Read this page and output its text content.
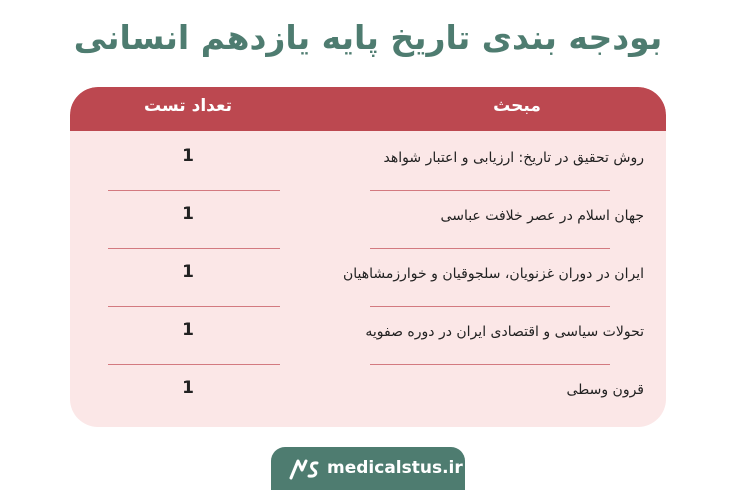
بودجه بندی تاریخ پایه یازدهم انسانی
مبحث
تعداد تست
روش تحقیق در تاریخ: ارزیابی و اعتبار شواهد
1
جهان اسلام در عصر خلافت عباسی
1
ایران در دوران غزنویان، سلجوقیان و خوارزمشاهیان
1
تحولات سیاسی و اقتصادی ایران در دوره صفویه
1
قرون وسطی
1
medicalstus.ir
